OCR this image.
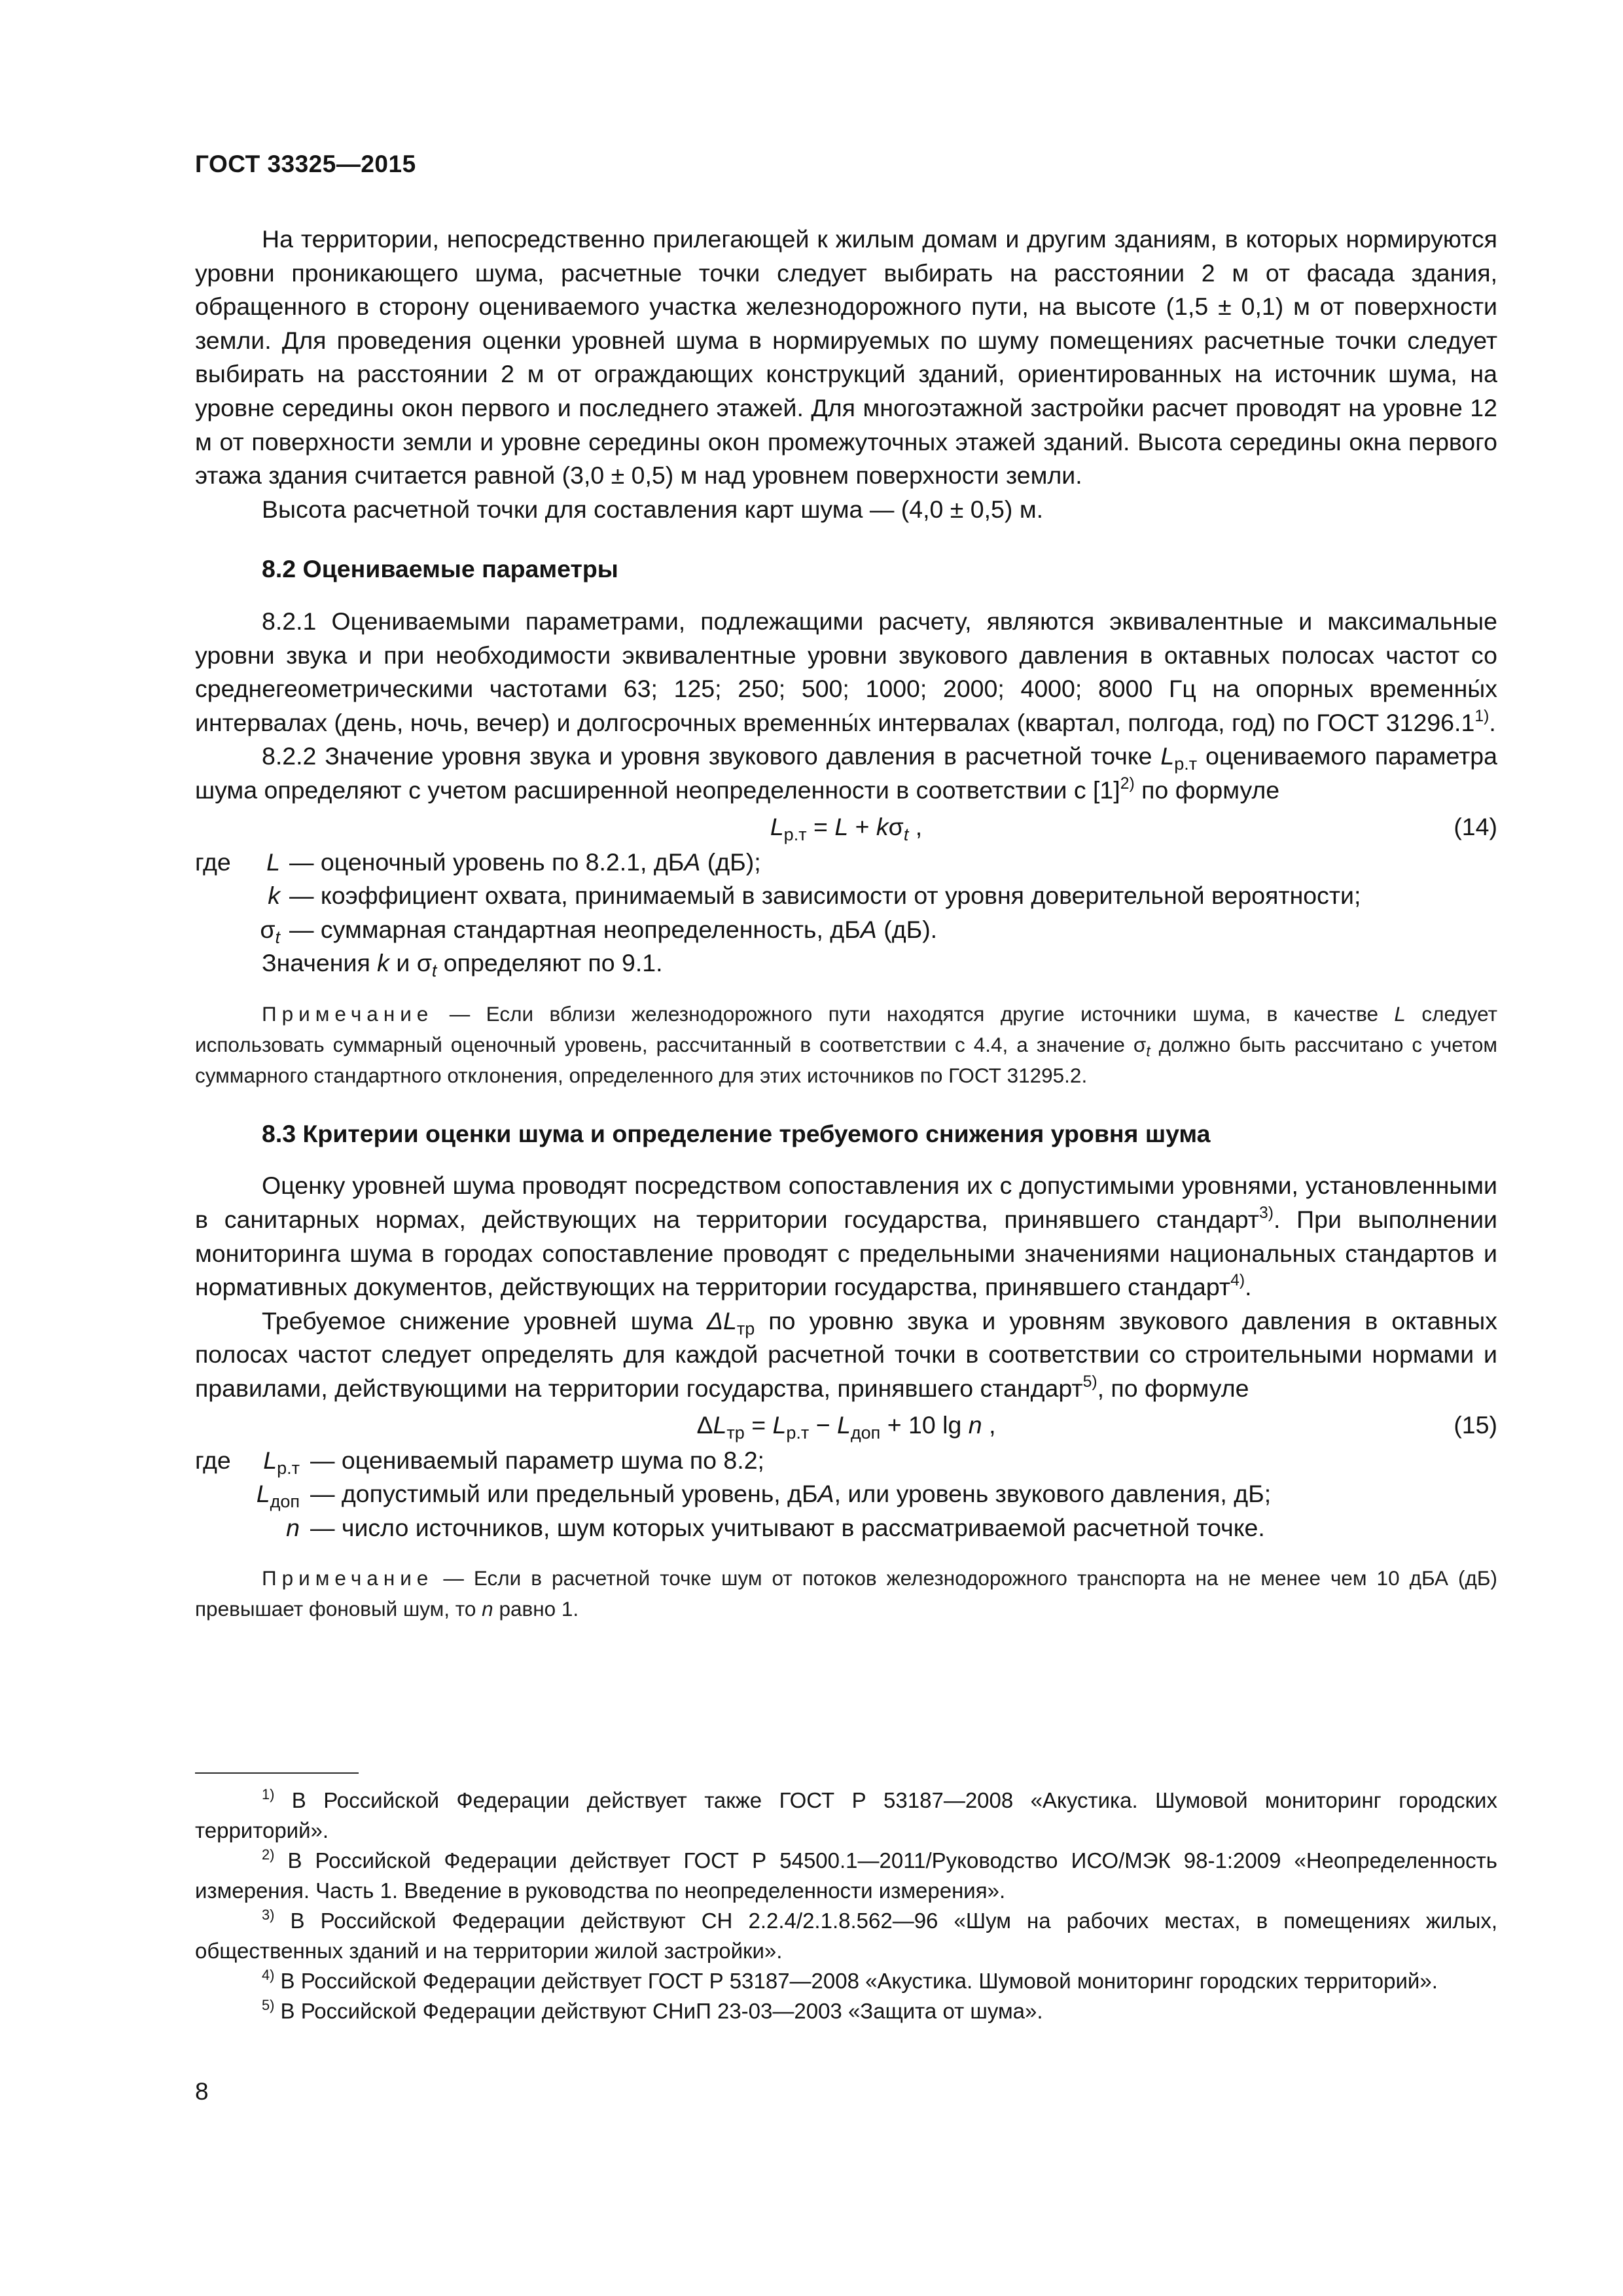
ГОСТ 33325—2015

На территории, непосредственно прилегающей к жилым домам и другим зданиям, в которых нормируются уровни проникающего шума, расчетные точки следует выбирать на расстоянии 2 м от фасада здания, обращенного в сторону оцениваемого участка железнодорожного пути, на высоте (1,5 ± 0,1) м от поверхности земли. Для проведения оценки уровней шума в нормируемых по шуму помещениях расчетные точки следует выбирать на расстоянии 2 м от ограждающих конструкций зданий, ориентированных на источник шума, на уровне середины окон первого и последнего этажей. Для многоэтажной застройки расчет проводят на уровне 12 м от поверхности земли и уровне середины окон промежуточных этажей зданий. Высота середины окна первого этажа здания считается равной (3,0 ± 0,5) м над уровнем поверхности земли.

Высота расчетной точки для составления карт шума — (4,0 ± 0,5) м.

8.2 Оцениваемые параметры

8.2.1 Оцениваемыми параметрами, подлежащими расчету, являются эквивалентные и максимальные уровни звука и при необходимости эквивалентные уровни звукового давления в октавных полосах частот со среднегеометрическими частотами 63; 125; 250; 500; 1000; 2000; 4000; 8000 Гц на опорных временны́х интервалах (день, ночь, вечер) и долгосрочных временны́х интервалах (квартал, полгода, год) по ГОСТ 31296.1$^{1)}$.

8.2.2 Значение уровня звука и уровня звукового давления в расчетной точке $L_{р.т}$ оцениваемого параметра шума определяют с учетом расширенной неопределенности в соответствии с $[1]^{2)}$ по формуле

$L_{р.т} = L + k\sigma_t$ ,	(14)
где	L — оценочный уровень по 8.2.1, дБА (дБ);
k — коэффициент охвата, принимаемый в зависимости от уровня доверительной вероятности;
$\sigma_t$ — суммарная стандартная неопределенность, дБА (дБ).

Значения k и $\sigma_t$ определяют по 9.1.

Примечание — Если вблизи железнодорожного пути находятся другие источники шума, в качестве L следует использовать суммарный оценочный уровень, рассчитанный в соответствии с 4.4, а значение $\sigma_t$ должно быть рассчитано с учетом суммарного стандартного отклонения, определенного для этих источников по ГОСТ 31295.2.

8.3 Критерии оценки шума и определение требуемого снижения уровня шума

Оценку уровней шума проводят посредством сопоставления их с допустимыми уровнями, установленными в санитарных нормах, действующих на территории государства, принявшего стандарт$^{3)}$. При выполнении мониторинга шума в городах сопоставление проводят с предельными значениями национальных стандартов и нормативных документов, действующих на территории государства, принявшего стандарт$^{4)}$.

Требуемое снижение уровней шума $\Delta L_{тр}$ по уровню звука и уровням звукового давления в октавных полосах частот следует определять для каждой расчетной точки в соответствии со строительными нормами и правилами, действующими на территории государства, принявшего стандарт$^{5)}$, по формуле

$\Delta L_{тр} = L_{р.т} - L_{доп} + 10$ lg n ,	(15)
где	$L_{р.т}$ — оцениваемый параметр шума по 8.2;
$L_{доп}$ — допустимый или предельный уровень, дБА, или уровень звукового давления, дБ;
n — число источников, шум которых учитывают в рассматриваемой расчетной точке.

Примечание — Если в расчетной точке шум от потоков железнодорожного транспорта на не менее чем 10 дБА (дБ) превышает фоновый шум, то n равно 1.

$^{1)}$ В Российской Федерации действует также ГОСТ Р 53187—2008 «Акустика. Шумовой мониторинг городских территорий».

$^{2)}$ В Российской Федерации действует ГОСТ Р 54500.1—2011/Руководство ИСО/МЭК 98-1:2009 «Неопределенность измерения. Часть 1. Введение в руководства по неопределенности измерения».

$^{3)}$ В Российской Федерации действуют СН 2.2.4/2.1.8.562—96 «Шум на рабочих местах, в помещениях жилых, общественных зданий и на территории жилой застройки».

$^{4)}$ В Российской Федерации действует ГОСТ Р 53187—2008 «Акустика. Шумовой мониторинг городских территорий».

$^{5)}$ В Российской Федерации действуют СНиП 23-03—2003 «Защита от шума».

8
